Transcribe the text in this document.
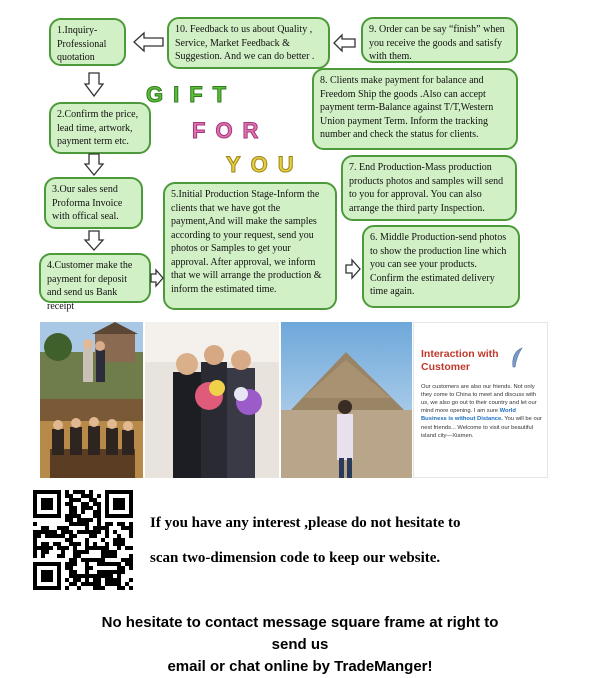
1.Inquiry-Professional quotation
2.Confirm the price, lead time, artwork, payment term etc.
3.Our sales send Proforma Invoice with offical seal.
4.Customer make the payment for deposit and send us Bank receipt
5.Initial Production Stage-Inform the clients that we have got the payment,And will make the samples according to your request, send you photos or Samples to get your approval. After approval, we inform that we will arrange the production & inform the estimated time.
6. Middle Production-send photos to show the production line which you can see your products. Confirm the estimated delivery time again.
7. End Production-Mass production products photos and samples will send to you for approval. You can also arrange the third party Inspection.
8. Clients make payment for balance and Freedom Ship the goods .Also can accept payment term-Balance against T/T,Western Union payment Term. Inform the tracking number and check the status for clients.
9. Order can be say “finish” when you receive the goods and satisfy with them.
10. Feedback to us about Quality , Service, Market Feedback & Suggestion. And we can do better .
GIFT
FOR
YOU
Interaction with Customer
Our customers are also our friends. Not only they come to China to meet and discuss with us, we also go out to their country and let our mind more opening. I am sure World Business is without Distance. You will be our next friends... Welcome to visit our beautiful island city—Xiamen.
If you have any interest ,please do not hesitate to
scan two-dimension code to keep our website.
No hesitate to contact message square frame at right to
send us
email or chat online by TradeManger!
